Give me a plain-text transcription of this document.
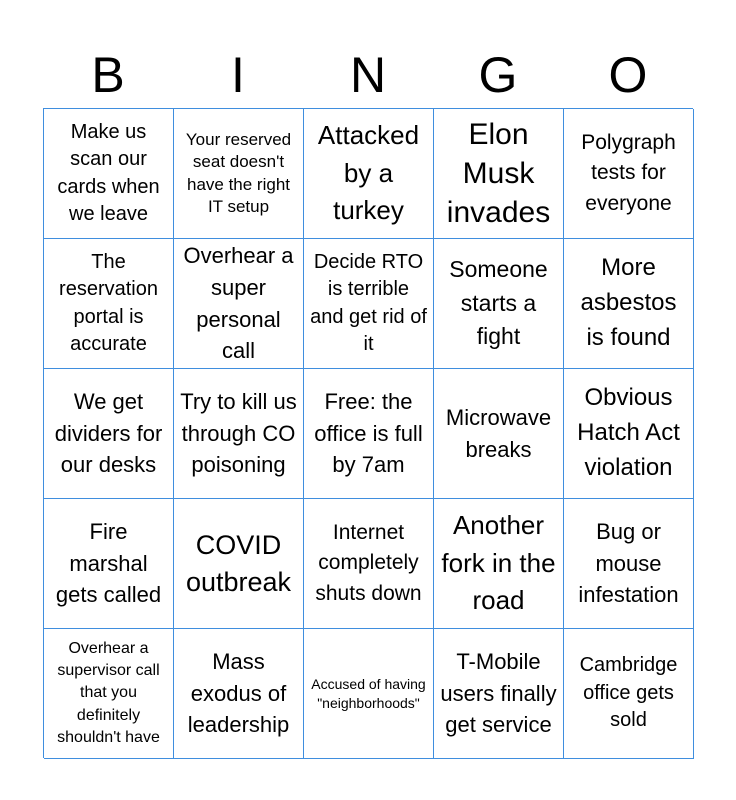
B	I	N	G	O
Make us scan our cards when we leave
Your reserved seat doesn't have the right IT setup
Attacked by a turkey
Elon Musk invades
Polygraph tests for everyone
The reservation portal is accurate
Overhear a super personal call
Decide RTO is terrible and get rid of it
Someone starts a fight
More asbestos is found
We get dividers for our desks
Try to kill us through CO poisoning
Free: the office is full by 7am
Microwave breaks
Obvious Hatch Act violation
Fire marshal gets called
COVID outbreak
Internet completely shuts down
Another fork in the road
Bug or mouse infestation
Overhear a supervisor call that you definitely shouldn't have
Mass exodus of leadership
Accused of having "neighborhoods"
T-Mobile users finally get service
Cambridge office gets sold
